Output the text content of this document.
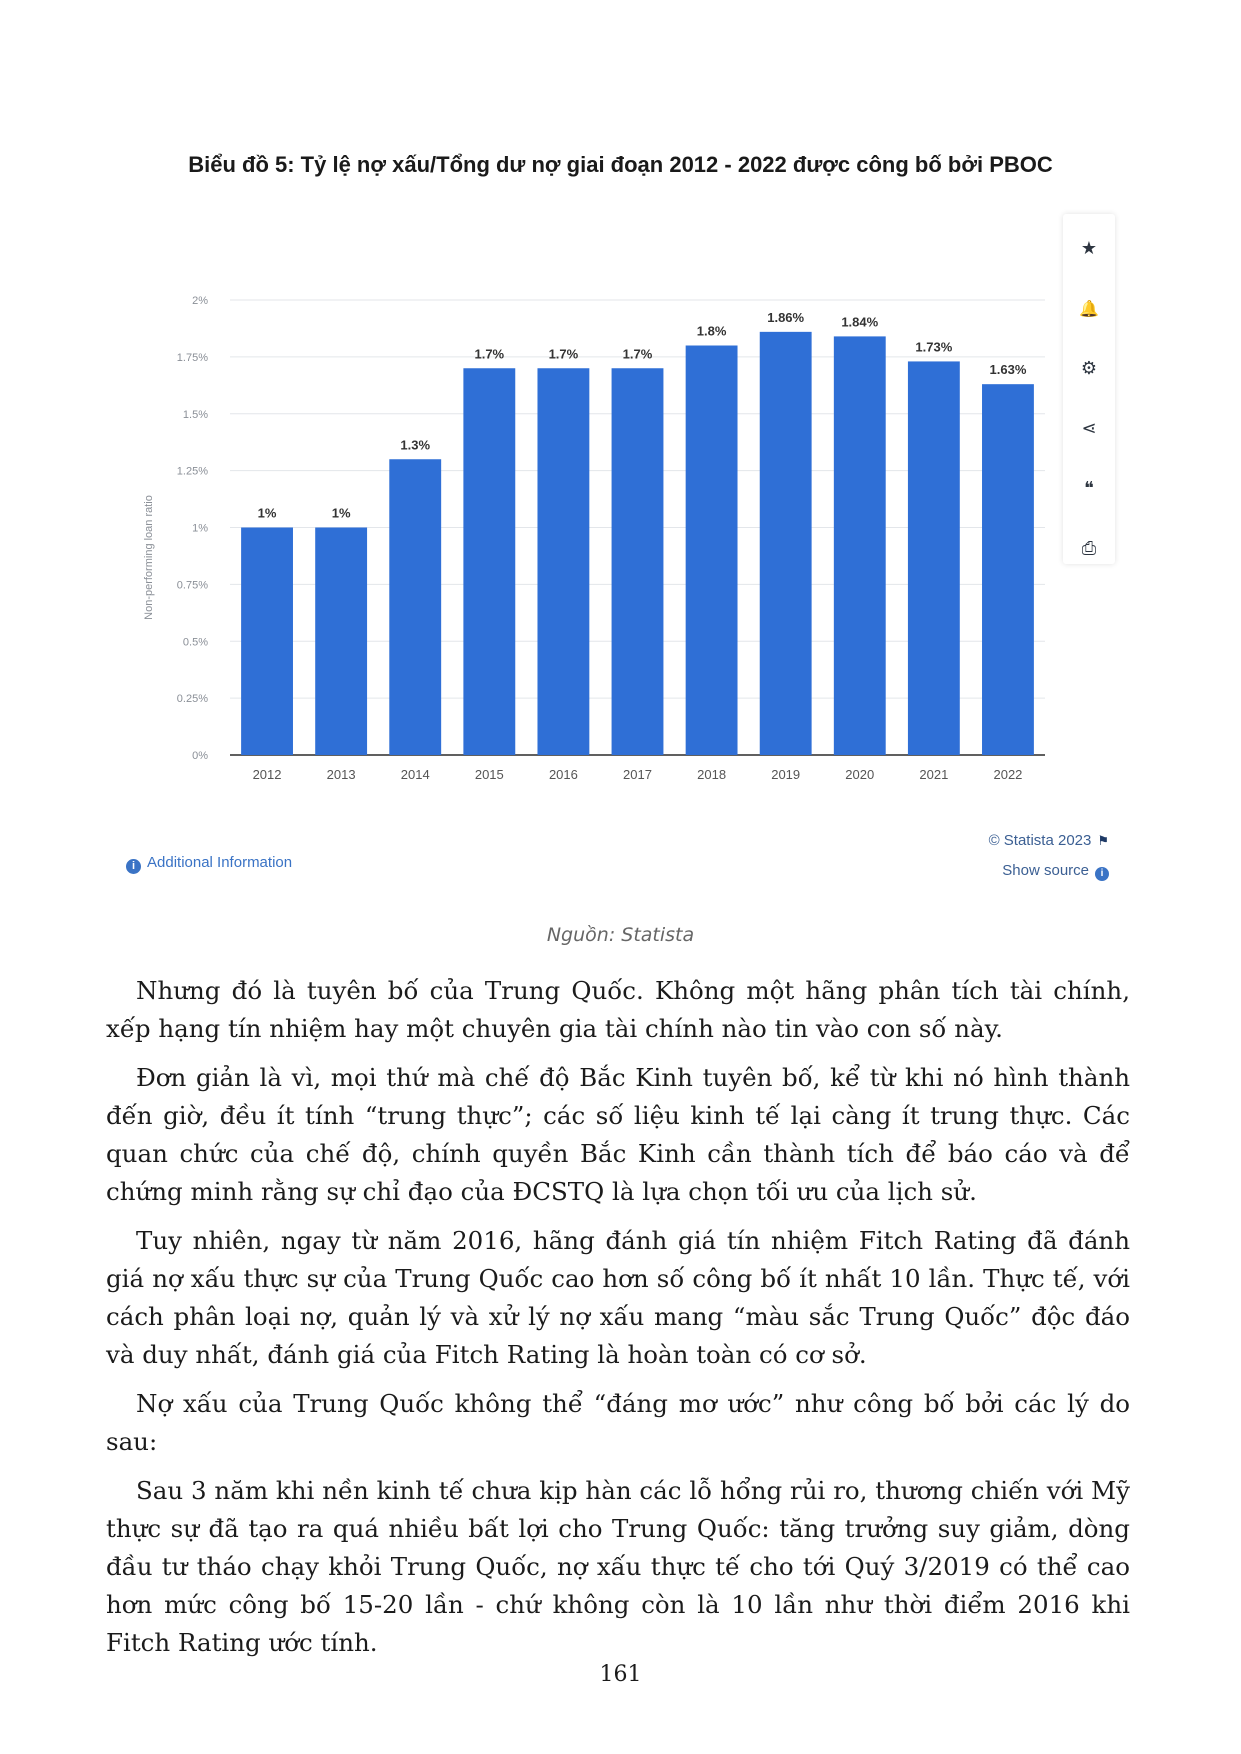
Biểu đồ 5: Tỷ lệ nợ xấu/Tổng dư nợ giai đoạn 2012 - 2022 được công bố bởi PBOC
1%	1%
1.3%
1.7%	1.7%	1.7%
1.8%
1.86%	1.84%
1.73%
1.63%
0%
0.25%
0.5%
0.75%
1%
1.25%
1.5%
1.75%
2%
2012	2013	2014	2015	2016	2017	2018	2019	2020	2021	2022
Non-performing loan ratio
★
🔔
⚙
⋖
❝
⎙
i Additional Information
© Statista 2023 ⚑
Show source i
Nguồn: Statista

Nhưng đó là tuyên bố của Trung Quốc. Không một hãng phân tích tài chính, xếp hạng tín nhiệm hay một chuyên gia tài chính nào tin vào con số này.

Đơn giản là vì, mọi thứ mà chế độ Bắc Kinh tuyên bố, kể từ khi nó hình thành đến giờ, đều ít tính “trung thực”; các số liệu kinh tế lại càng ít trung thực. Các quan chức của chế độ, chính quyền Bắc Kinh cần thành tích để báo cáo và để chứng minh rằng sự chỉ đạo của ĐCSTQ là lựa chọn tối ưu của lịch sử.

Tuy nhiên, ngay từ năm 2016, hãng đánh giá tín nhiệm Fitch Rating đã đánh giá nợ xấu thực sự của Trung Quốc cao hơn số công bố ít nhất 10 lần. Thực tế, với cách phân loại nợ, quản lý và xử lý nợ xấu mang “màu sắc Trung Quốc” độc đáo và duy nhất, đánh giá của Fitch Rating là hoàn toàn có cơ sở.

Nợ xấu của Trung Quốc không thể “đáng mơ ước” như công bố bởi các lý do sau:

Sau 3 năm khi nền kinh tế chưa kịp hàn các lỗ hổng rủi ro, thương chiến với Mỹ thực sự đã tạo ra quá nhiều bất lợi cho Trung Quốc: tăng trưởng suy giảm, dòng đầu tư tháo chạy khỏi Trung Quốc, nợ xấu thực tế cho tới Quý 3/2019 có thể cao hơn mức công bố 15-20 lần - chứ không còn là 10 lần như thời điểm 2016 khi Fitch Rating ước tính.

161
